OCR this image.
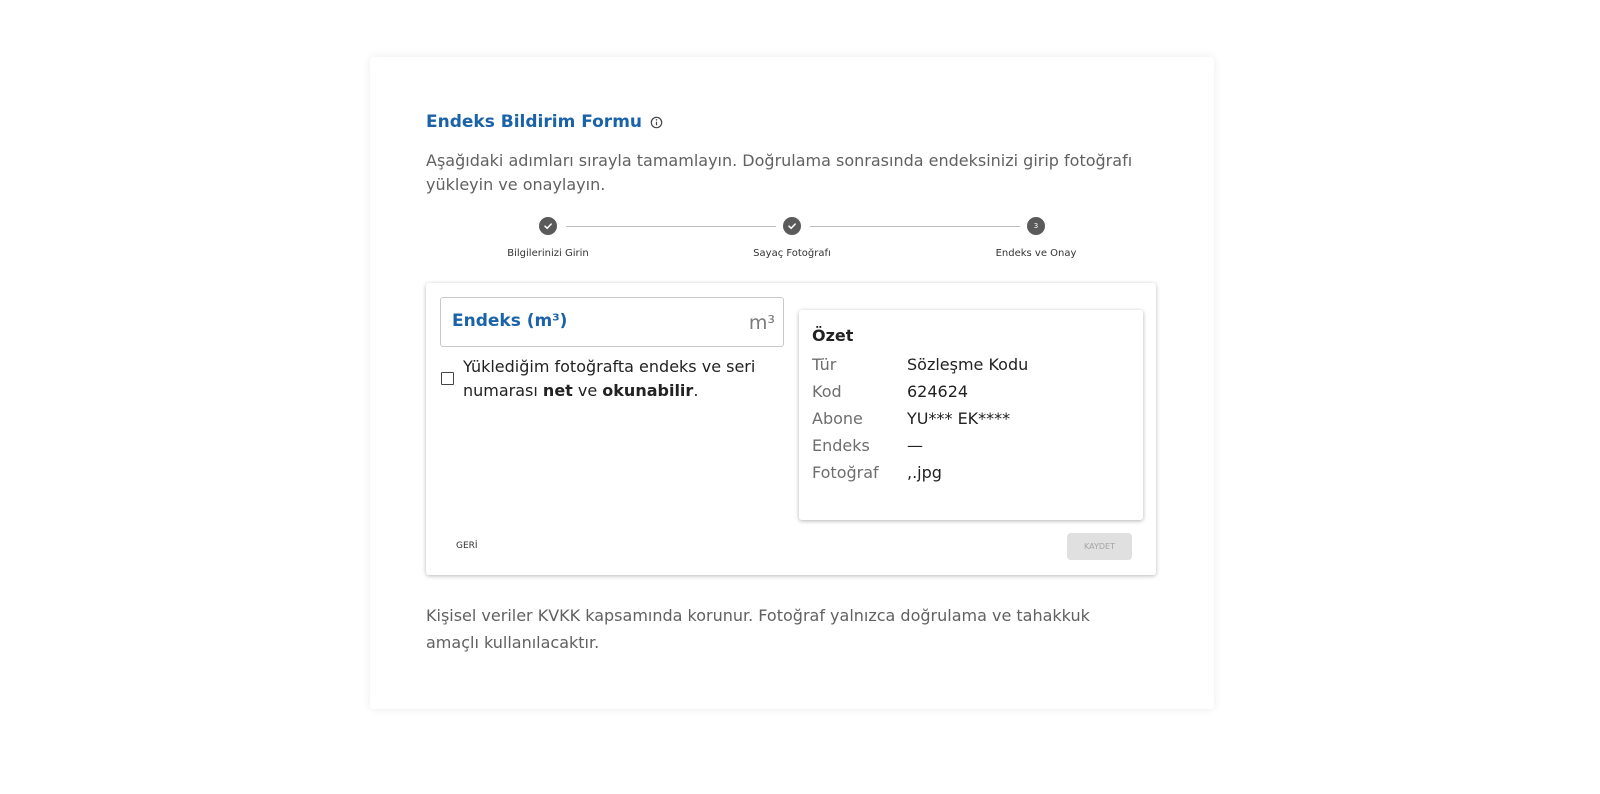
Endeks Bildirim Formu
Aşağıdaki adımları sırayla tamamlayın. Doğrulama sonrasında endeksinizi girip fotoğrafı yükleyin ve onaylayın.
Bilgilerinizi Girin	Sayaç Fotoğrafı
3
Endeks ve Onay
Endeks (m³)	m³
Yüklediğim fotoğrafta endeks ve seri numarası net ve okunabilir.
Özet
Tür	Sözleşme Kodu
Kod	624624
Abone	YU*** EK****
Endeks —
Fotoğraf ,.jpg
GERİ	KAYDET
Kişisel veriler KVKK kapsamında korunur. Fotoğraf yalnızca doğrulama ve tahakkuk amaçlı kullanılacaktır.
